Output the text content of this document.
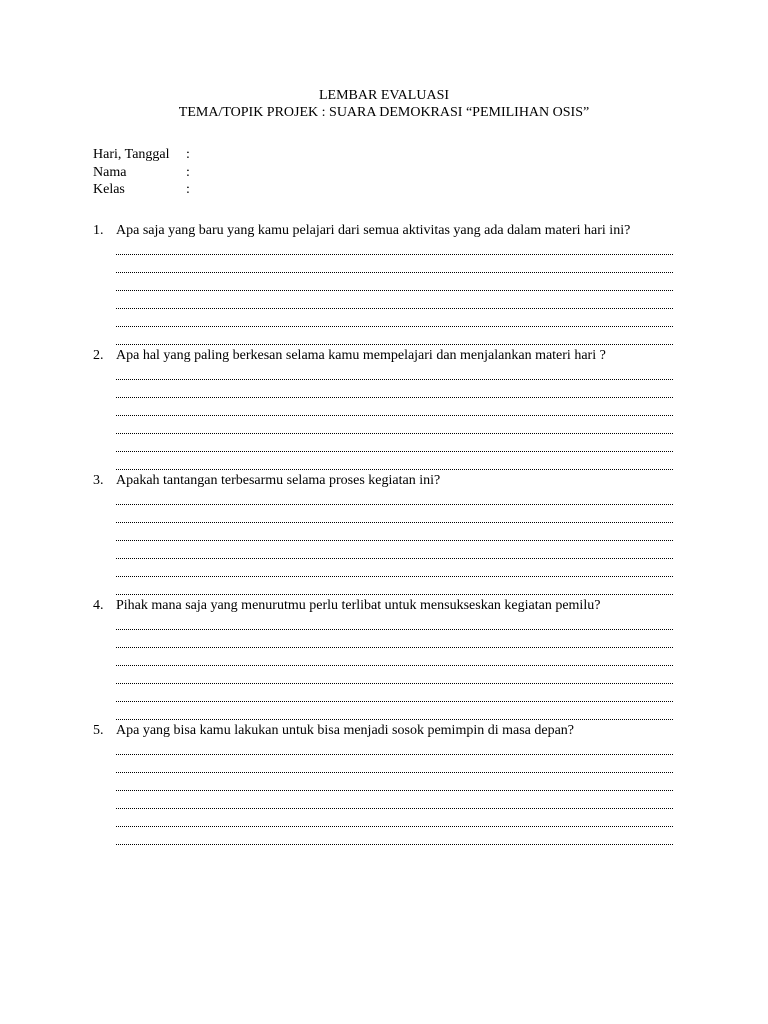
LEMBAR EVALUASI
TEMA/TOPIK PROJEK : SUARA DEMOKRASI “PEMILIHAN OSIS”
Hari, Tanggal :
Nama	:
Kelas	:
1. Apa saja yang baru yang kamu pelajari dari semua aktivitas yang ada dalam materi hari ini?
2. Apa hal yang paling berkesan selama kamu mempelajari dan menjalankan materi hari ?
3. Apakah tantangan terbesarmu selama proses kegiatan ini?
4. Pihak mana saja yang menurutmu perlu terlibat untuk mensukseskan kegiatan pemilu?
5. Apa yang bisa kamu lakukan untuk bisa menjadi sosok pemimpin di masa depan?
